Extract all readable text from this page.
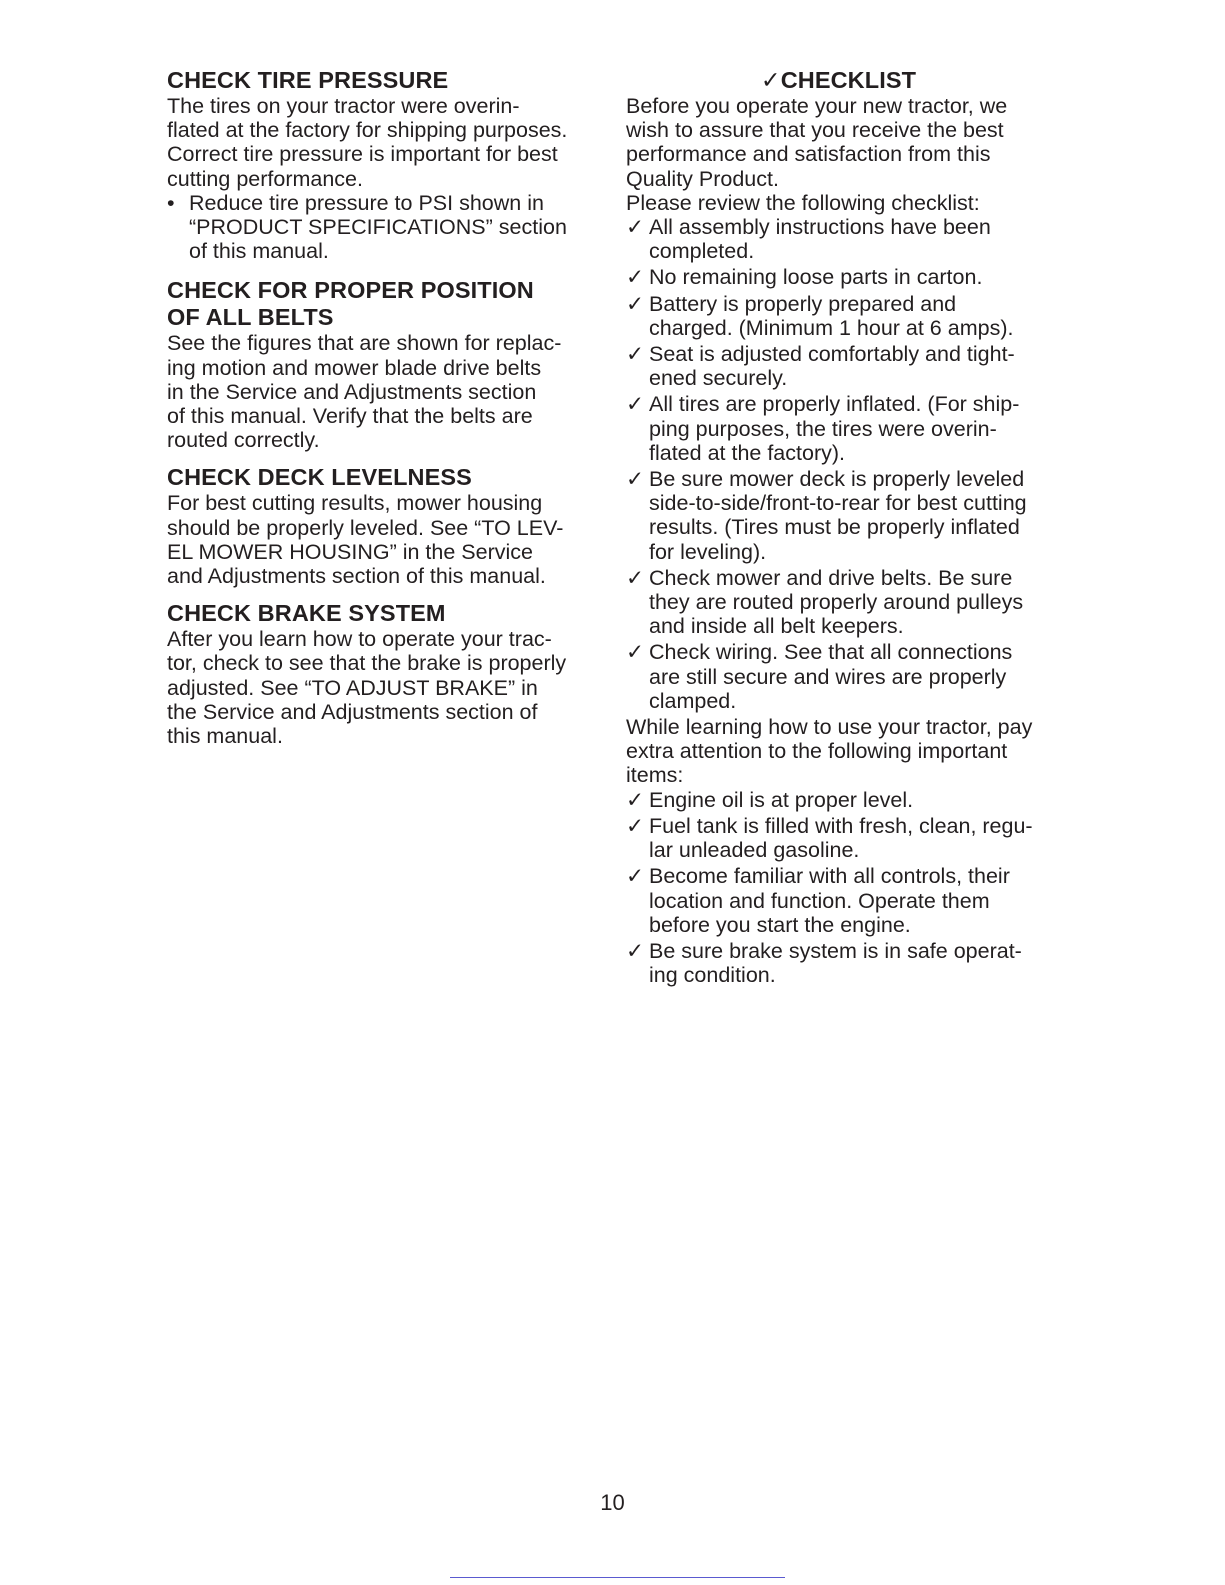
CHECK TIRE PRESSURE

The tires on your tractor were overin-

flated at the factory for shipping purposes.

Correct tire pressure is important for best

cutting performance.

• Reduce tire pressure to PSI shown in

“PRODUCT SPECIFICATIONS” section

of this manual.

CHECK FOR PROPER POSITION
OF ALL BELTS

See the figures that are shown for replac-

ing motion and mower blade drive belts

in the Service and Adjustments section

of this manual. Verify that the belts are

routed correctly.

CHECK DECK LEVELNESS

For best cutting results, mower housing

should be properly leveled. See “TO LEV-

EL MOWER HOUSING” in the Service

and Adjustments section of this manual.

CHECK BRAKE SYSTEM

After you learn how to operate your trac-

tor, check to see that the brake is properly

adjusted. See “TO ADJUST BRAKE” in

the Service and Adjustments section of

this manual.

✓CHECKLIST

Before you operate your new tractor, we

wish to assure that you receive the best

performance and satisfaction from this

Quality Product.

Please review the following checklist:

✓ All assembly instructions have been

completed.

✓ No remaining loose parts in carton.

✓ Battery is properly prepared and

charged. (Minimum 1 hour at 6 amps).

✓ Seat is adjusted comfortably and tight-

ened securely.

✓ All tires are properly inflated. (For ship-

ping purposes, the tires were overin-

flated at the factory).

✓ Be sure mower deck is properly leveled

side-to-side/front-to-rear for best cutting

results. (Tires must be properly inflated

for leveling).

✓ Check mower and drive belts. Be sure

they are routed properly around pulleys

and inside all belt keepers.

✓ Check wiring. See that all connections

are still secure and wires are properly

clamped.

While learning how to use your tractor, pay

extra attention to the following important

items:

✓ Engine oil is at proper level.

✓ Fuel tank is filled with fresh, clean, regu-

lar unleaded gasoline.

✓ Become familiar with all controls, their

location and function. Operate them

before you start the engine.

✓ Be sure brake system is in safe operat-

ing condition.

10
